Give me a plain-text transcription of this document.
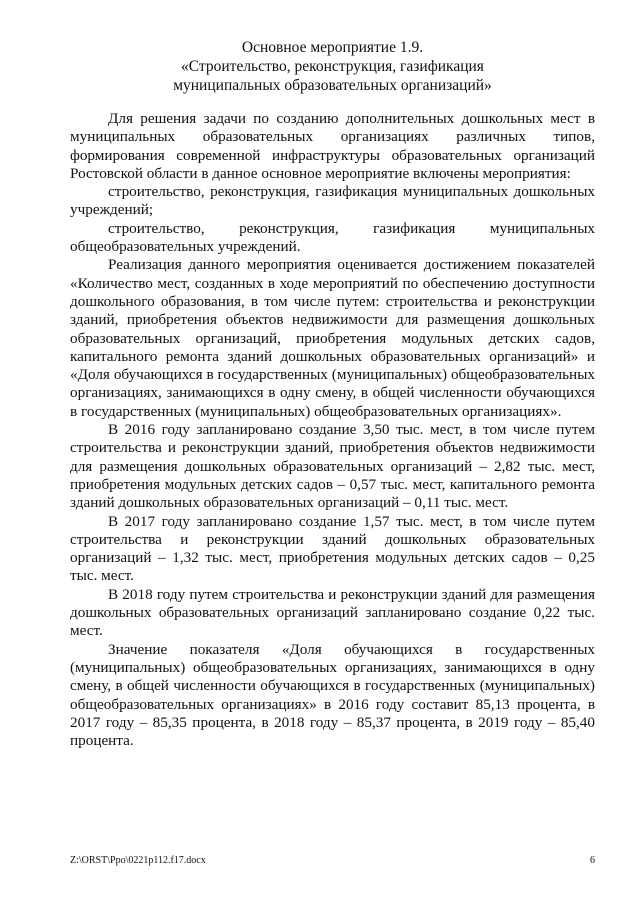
Основное мероприятие 1.9.
«Строительство, реконструкция, газификация
муниципальных образовательных организаций»

Для решения задачи по созданию дополнительных дошкольных мест в муниципальных образовательных организациях различных типов, формирования современной инфраструктуры образовательных организаций Ростовской области в данное основное мероприятие включены мероприятия:

строительство, реконструкция, газификация муниципальных дошкольных учреждений;

строительство, реконструкция, газификация муниципальных общеобразовательных учреждений.

Реализация данного мероприятия оценивается достижением показателей «Количество мест, созданных в ходе мероприятий по обеспечению доступности дошкольного образования, в том числе путем: строительства и реконструкции зданий, приобретения объектов недвижимости для размещения дошкольных образовательных организаций, приобретения модульных детских садов, капитального ремонта зданий дошкольных образовательных организаций» и «Доля обучающихся в государственных (муниципальных) общеобразовательных организациях, занимающихся в одну смену, в общей численности обучающихся в государственных (муниципальных) общеобразовательных организациях».

В 2016 году запланировано создание 3,50 тыс. мест, в том числе путем строительства и реконструкции зданий, приобретения объектов недвижимости для размещения дошкольных образовательных организаций – 2,82 тыс. мест, приобретения модульных детских садов – 0,57 тыс. мест, капитального ремонта зданий дошкольных образовательных организаций – 0,11 тыс. мест.

В 2017 году запланировано создание 1,57 тыс. мест, в том числе путем строительства и реконструкции зданий дошкольных образовательных организаций – 1,32 тыс. мест, приобретения модульных детских садов – 0,25 тыс. мест.

В 2018 году путем строительства и реконструкции зданий для размещения дошкольных образовательных организаций запланировано создание 0,22 тыс. мест.

Значение показателя «Доля обучающихся в государственных (муниципальных) общеобразовательных организациях, занимающихся в одну смену, в общей численности обучающихся в государственных (муниципальных) общеобразовательных организациях» в 2016 году составит 85,13 процента, в 2017 году – 85,35 процента, в 2018 году – 85,37 процента, в 2019 году – 85,40 процента.

Z:\ORST\Ppo\0221p112.f17.docx	6
